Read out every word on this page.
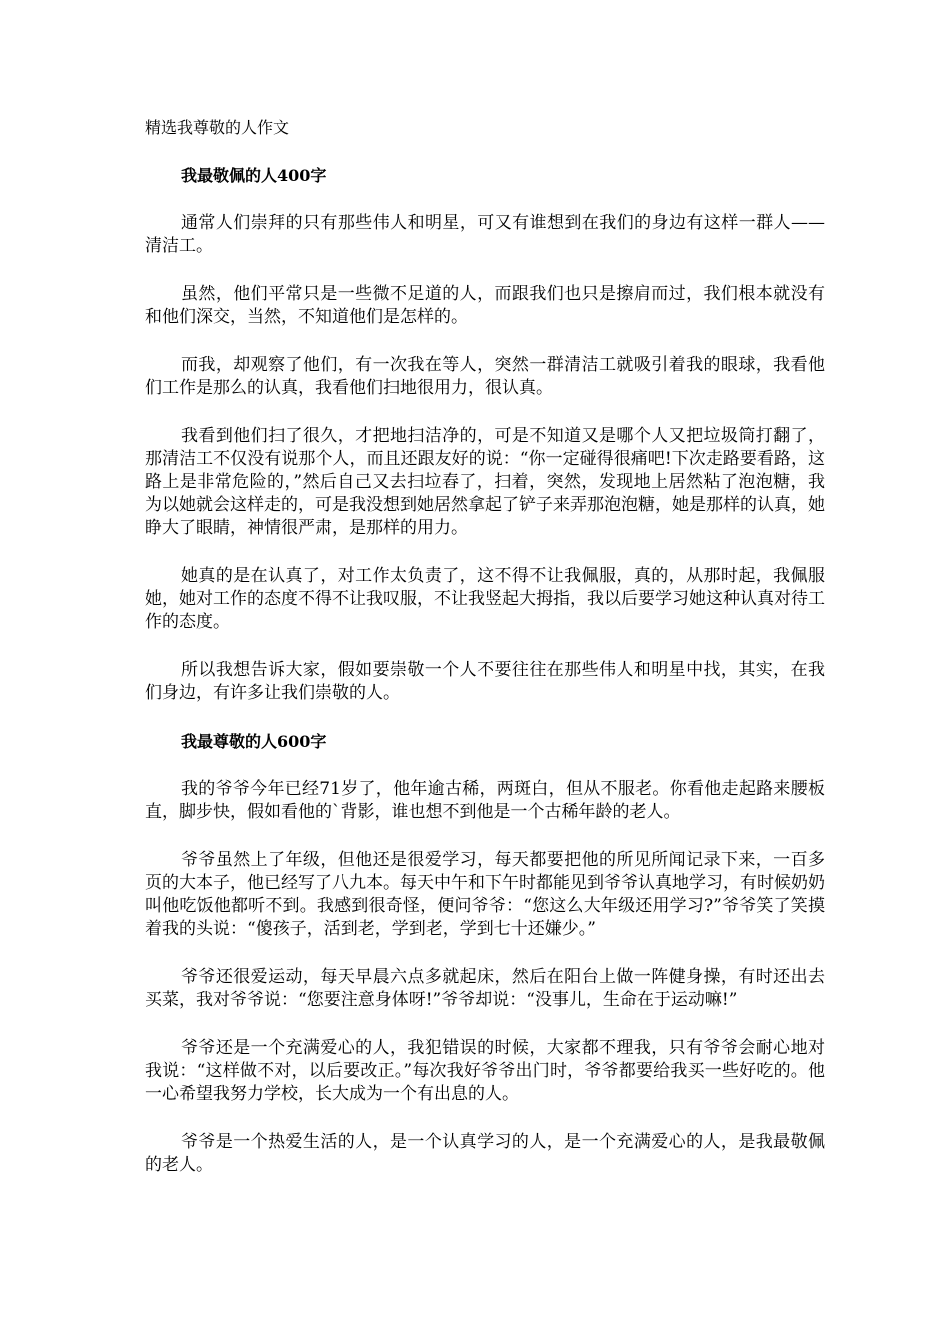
精选我尊敬的人作文
我最敬佩的人400字

通常人们崇拜的只有那些伟人和明星，可又有谁想到在我们的身边有这样一群人——清洁工。

虽然，他们平常只是一些微不足道的人，而跟我们也只是擦肩而过，我们根本就没有和他们深交，当然，不知道他们是怎样的。

而我，却观察了他们，有一次我在等人，突然一群清洁工就吸引着我的眼球，我看他们工作是那么的认真，我看他们扫地很用力，很认真。

我看到他们扫了很久，才把地扫洁净的，可是不知道又是哪个人又把垃圾筒打翻了，那清洁工不仅没有说那个人，而且还跟友好的说：“你一定碰得很痛吧!下次走路要看路，这路上是非常危险的，”然后自己又去扫垃舂了，扫着，突然，发现地上居然粘了泡泡糖，我为以她就会这样走的，可是我没想到她居然拿起了铲子来弄那泡泡糖，她是那样的认真，她睁大了眼睛，神情很严肃，是那样的用力。

她真的是在认真了，对工作太负责了，这不得不让我佩服，真的，从那时起，我佩服她，她对工作的态度不得不让我叹服，不让我竖起大拇指，我以后要学习她这种认真对待工作的态度。

所以我想告诉大家，假如要崇敬一个人不要往往在那些伟人和明星中找，其实，在我们身边，有许多让我们崇敬的人。

我最尊敬的人600字

我的爷爷今年已经71岁了，他年逾古稀，两斑白，但从不服老。你看他走起路来腰板直，脚步快，假如看他的`背影，谁也想不到他是一个古稀年龄的老人。

爷爷虽然上了年级，但他还是很爱学习，每天都要把他的所见所闻记录下来，一百多页的大本子，他已经写了八九本。每天中午和下午时都能见到爷爷认真地学习，有时候奶奶叫他吃饭他都听不到。我感到很奇怪，便问爷爷：“您这么大年级还用学习?”爷爷笑了笑摸着我的头说：“傻孩子，活到老，学到老，学到七十还嫌少。”

爷爷还很爱运动，每天早晨六点多就起床，然后在阳台上做一阵健身操，有时还出去买菜，我对爷爷说：“您要注意身体呀!”爷爷却说：“没事儿，生命在于运动嘛!”

爷爷还是一个充满爱心的人，我犯错误的时候，大家都不理我，只有爷爷会耐心地对我说：“这样做不对，以后要改正。”每次我好爷爷出门时，爷爷都要给我买一些好吃的。他一心希望我努力学校，长大成为一个有出息的人。

爷爷是一个热爱生活的人，是一个认真学习的人，是一个充满爱心的人，是我最敬佩的老人。
